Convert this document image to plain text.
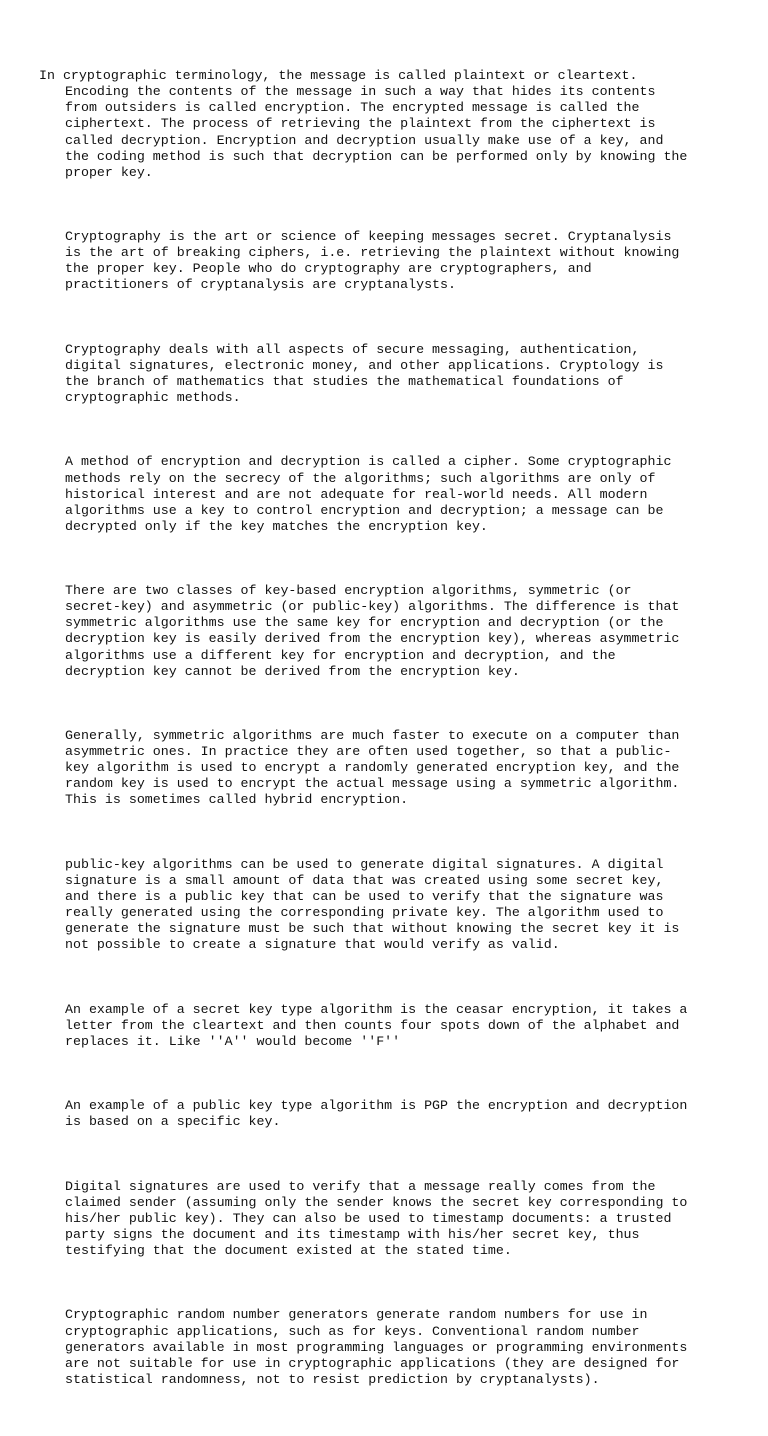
In cryptographic terminology, the message is called plaintext or cleartext.
Encoding the contents of the message in such a way that hides its contents
from outsiders is called encryption. The encrypted message is called the
ciphertext. The process of retrieving the plaintext from the ciphertext is
called decryption. Encryption and decryption usually make use of a key, and
the coding method is such that decryption can be performed only by knowing the
proper key.

Cryptography is the art or science of keeping messages secret. Cryptanalysis
is the art of breaking ciphers, i.e. retrieving the plaintext without knowing
the proper key. People who do cryptography are cryptographers, and
practitioners of cryptanalysis are cryptanalysts.

Cryptography deals with all aspects of secure messaging, authentication,
digital signatures, electronic money, and other applications. Cryptology is
the branch of mathematics that studies the mathematical foundations of
cryptographic methods.

A method of encryption and decryption is called a cipher. Some cryptographic
methods rely on the secrecy of the algorithms; such algorithms are only of
historical interest and are not adequate for real-world needs. All modern
algorithms use a key to control encryption and decryption; a message can be
decrypted only if the key matches the encryption key.

There are two classes of key-based encryption algorithms, symmetric (or
secret-key) and asymmetric (or public-key) algorithms. The difference is that
symmetric algorithms use the same key for encryption and decryption (or the
decryption key is easily derived from the encryption key), whereas asymmetric
algorithms use a different key for encryption and decryption, and the
decryption key cannot be derived from the encryption key.

Generally, symmetric algorithms are much faster to execute on a computer than
asymmetric ones. In practice they are often used together, so that a public-
key algorithm is used to encrypt a randomly generated encryption key, and the
random key is used to encrypt the actual message using a symmetric algorithm.
This is sometimes called hybrid encryption.

public-key algorithms can be used to generate digital signatures. A digital
signature is a small amount of data that was created using some secret key,
and there is a public key that can be used to verify that the signature was
really generated using the corresponding private key. The algorithm used to
generate the signature must be such that without knowing the secret key it is
not possible to create a signature that would verify as valid.

An example of a secret key type algorithm is the ceasar encryption, it takes a
letter from the cleartext and then counts four spots down of the alphabet and
replaces it. Like ''A'' would become ''F''

An example of a public key type algorithm is PGP the encryption and decryption
is based on a specific key.

Digital signatures are used to verify that a message really comes from the
claimed sender (assuming only the sender knows the secret key corresponding to
his/her public key). They can also be used to timestamp documents: a trusted
party signs the document and its timestamp with his/her secret key, thus
testifying that the document existed at the stated time.

Cryptographic random number generators generate random numbers for use in
cryptographic applications, such as for keys. Conventional random number
generators available in most programming languages or programming environments
are not suitable for use in cryptographic applications (they are designed for
statistical randomness, not to resist prediction by cryptanalysts).
